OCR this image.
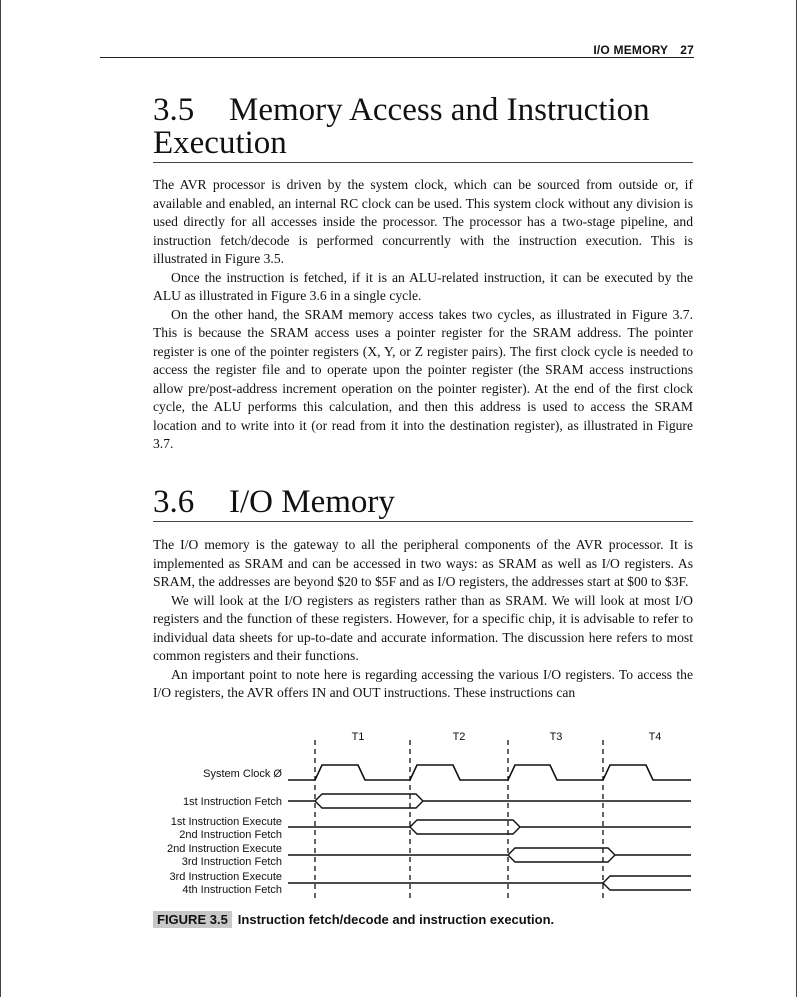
I/O MEMORY 27
3.5 Memory Access and Instruction Execution

The AVR processor is driven by the system clock, which can be sourced from outside or, if available and enabled, an internal RC clock can be used. This system clock without any division is used directly for all accesses inside the processor. The processor has a two-stage pipeline, and instruction fetch/decode is performed concurrently with the instruction execution. This is illustrated in Figure 3.5.

Once the instruction is fetched, if it is an ALU-related instruction, it can be executed by the ALU as illustrated in Figure 3.6 in a single cycle.

On the other hand, the SRAM memory access takes two cycles, as illustrated in Figure 3.7. This is because the SRAM access uses a pointer register for the SRAM address. The pointer register is one of the pointer registers (X, Y, or Z register pairs). The first clock cycle is needed to access the register file and to operate upon the pointer register (the SRAM access instructions allow pre/post-address increment operation on the pointer register). At the end of the first clock cycle, the ALU performs this calculation, and then this address is used to access the SRAM location and to write into it (or read from it into the destination register), as illustrated in Figure 3.7.

3.6 I/O Memory

The I/O memory is the gateway to all the peripheral components of the AVR processor. It is implemented as SRAM and can be accessed in two ways: as SRAM as well as I/O registers. As SRAM, the addresses are beyond $20 to $5F and as I/O registers, the addresses start at $00 to $3F.

We will look at the I/O registers as registers rather than as SRAM. We will look at most I/O registers and the function of these registers. However, for a specific chip, it is advisable to refer to individual data sheets for up-to-date and accurate information. The discussion here refers to most common registers and their functions.

An important point to note here is regarding accessing the various I/O registers. To access the I/O registers, the AVR offers IN and OUT instructions. These instructions can

T1	T2	T3	T4
System Clock Ø
1st Instruction Fetch
1st Instruction Execute
2nd Instruction Fetch
2nd Instruction Execute
3rd Instruction Fetch
3rd Instruction Execute
4th Instruction Fetch
FIGURE 3.5 Instruction fetch/decode and instruction execution.
